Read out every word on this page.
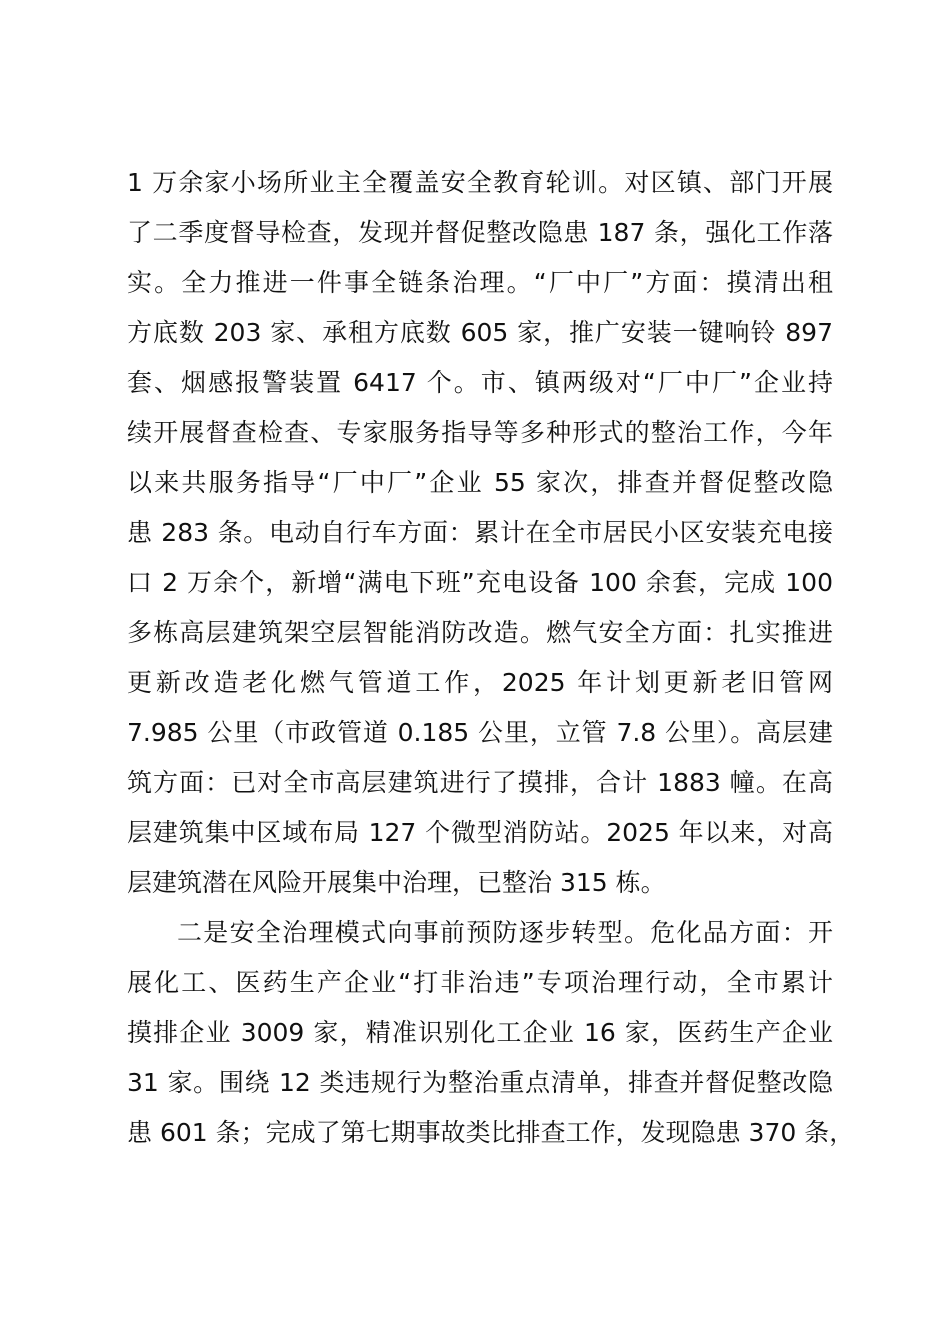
1 万余家小场所业主全覆盖安全教育轮训。对区镇、部门开展
了二季度督导检查，发现并督促整改隐患 187 条，强化工作落
实。全力推进一件事全链条治理。“厂中厂”方面：摸清出租
方底数 203 家、承租方底数 605 家，推广安装一键响铃 897
套、烟感报警装置 6417 个。市、镇两级对“厂中厂”企业持
续开展督查检查、专家服务指导等多种形式的整治工作，今年
以来共服务指导“厂中厂”企业 55 家次，排查并督促整改隐
患 283 条。电动自行车方面：累计在全市居民小区安装充电接
口 2 万余个，新增“满电下班”充电设备 100 余套，完成 100
多栋高层建筑架空层智能消防改造。燃气安全方面：扎实推进
更新改造老化燃气管道工作，2025 年计划更新老旧管网
7.985 公里（市政管道 0.185 公里，立管 7.8 公里）。高层建
筑方面：已对全市高层建筑进行了摸排，合计 1883 幢。在高
层建筑集中区域布局 127 个微型消防站。2025 年以来，对高
层建筑潜在风险开展集中治理，已整治 315 栋。
二是安全治理模式向事前预防逐步转型。危化品方面：开
展化工、医药生产企业“打非治违”专项治理行动，全市累计
摸排企业 3009 家，精准识别化工企业 16 家，医药生产企业
31 家。围绕 12 类违规行为整治重点清单，排查并督促整改隐
患 601 条；完成了第七期事故类比排查工作，发现隐患 370 条，
